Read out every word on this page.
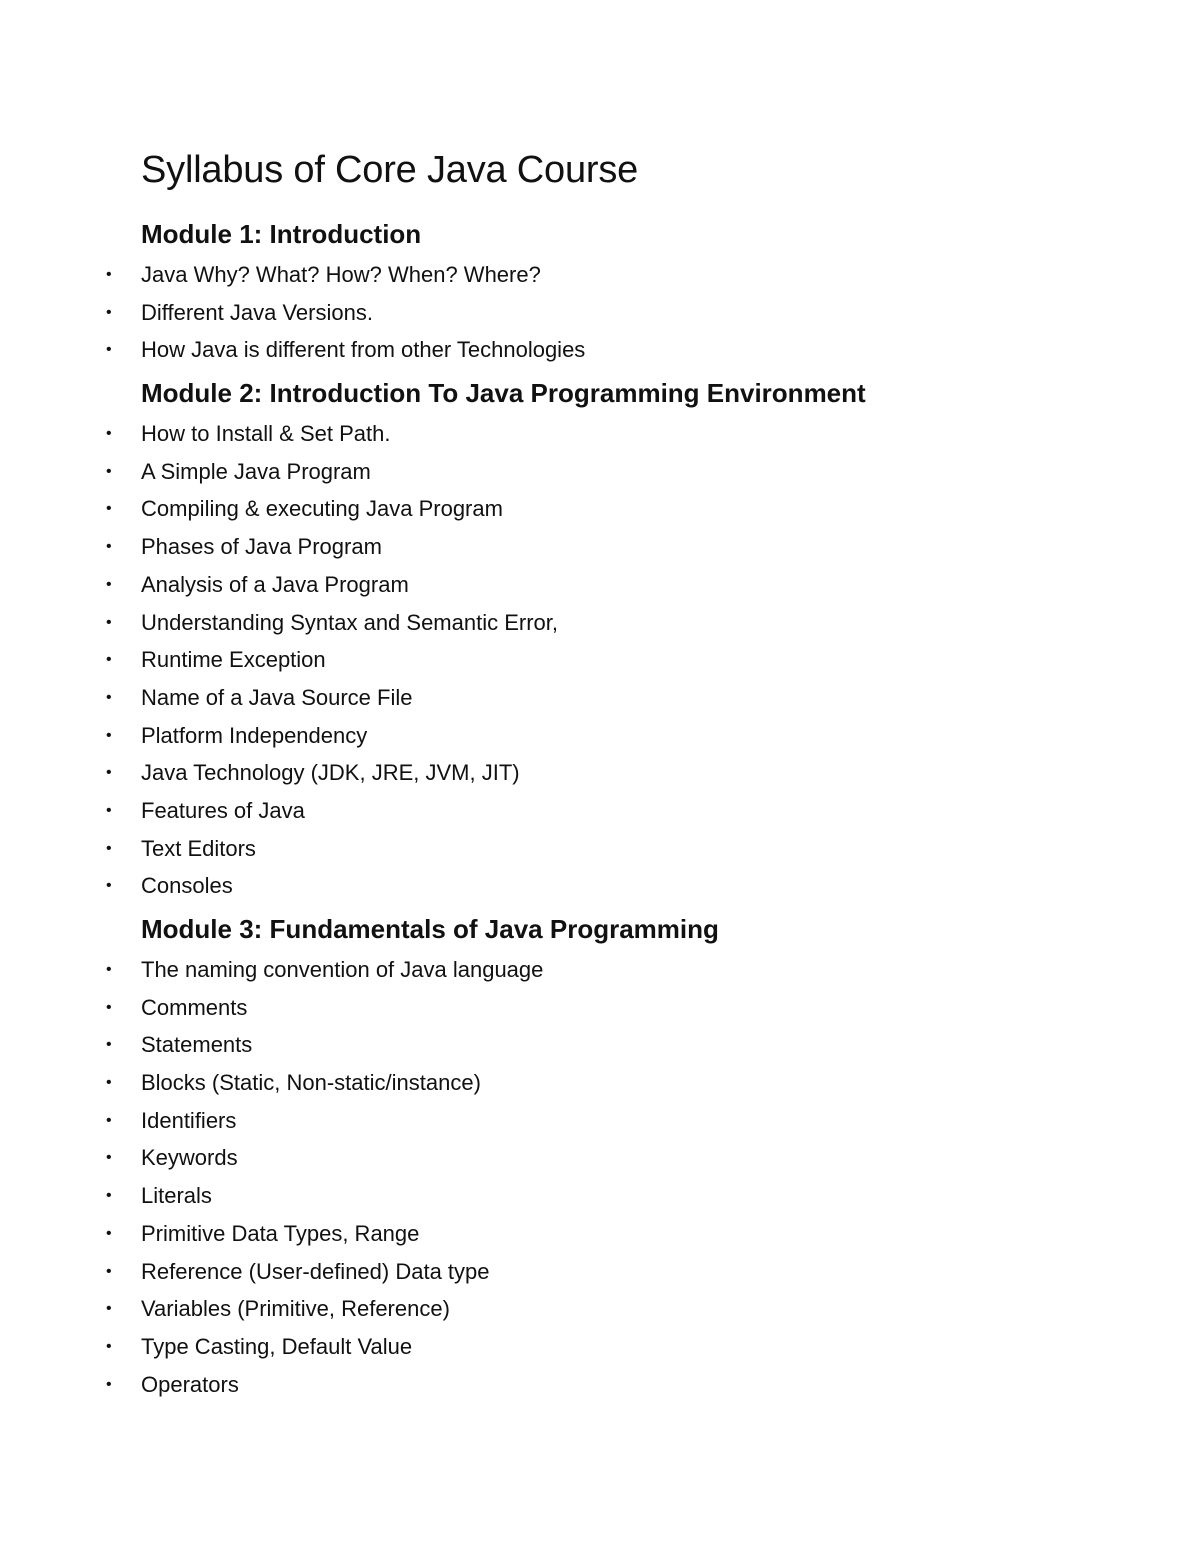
Syllabus of Core Java Course
Module 1: Introduction
• Java Why? What? How? When? Where?
• Different Java Versions.
• How Java is different from other Technologies
Module 2: Introduction To Java Programming Environment
• How to Install & Set Path.
• A Simple Java Program
• Compiling & executing Java Program
• Phases of Java Program
• Analysis of a Java Program
• Understanding Syntax and Semantic Error,
• Runtime Exception
• Name of a Java Source File
• Platform Independency
• Java Technology (JDK, JRE, JVM, JIT)
• Features of Java
• Text Editors
• Consoles
Module 3: Fundamentals of Java Programming
• The naming convention of Java language
• Comments
• Statements
• Blocks (Static, Non-static/instance)
• Identifiers
• Keywords
• Literals
• Primitive Data Types, Range
• Reference (User-defined) Data type
• Variables (Primitive, Reference)
• Type Casting, Default Value
• Operators
